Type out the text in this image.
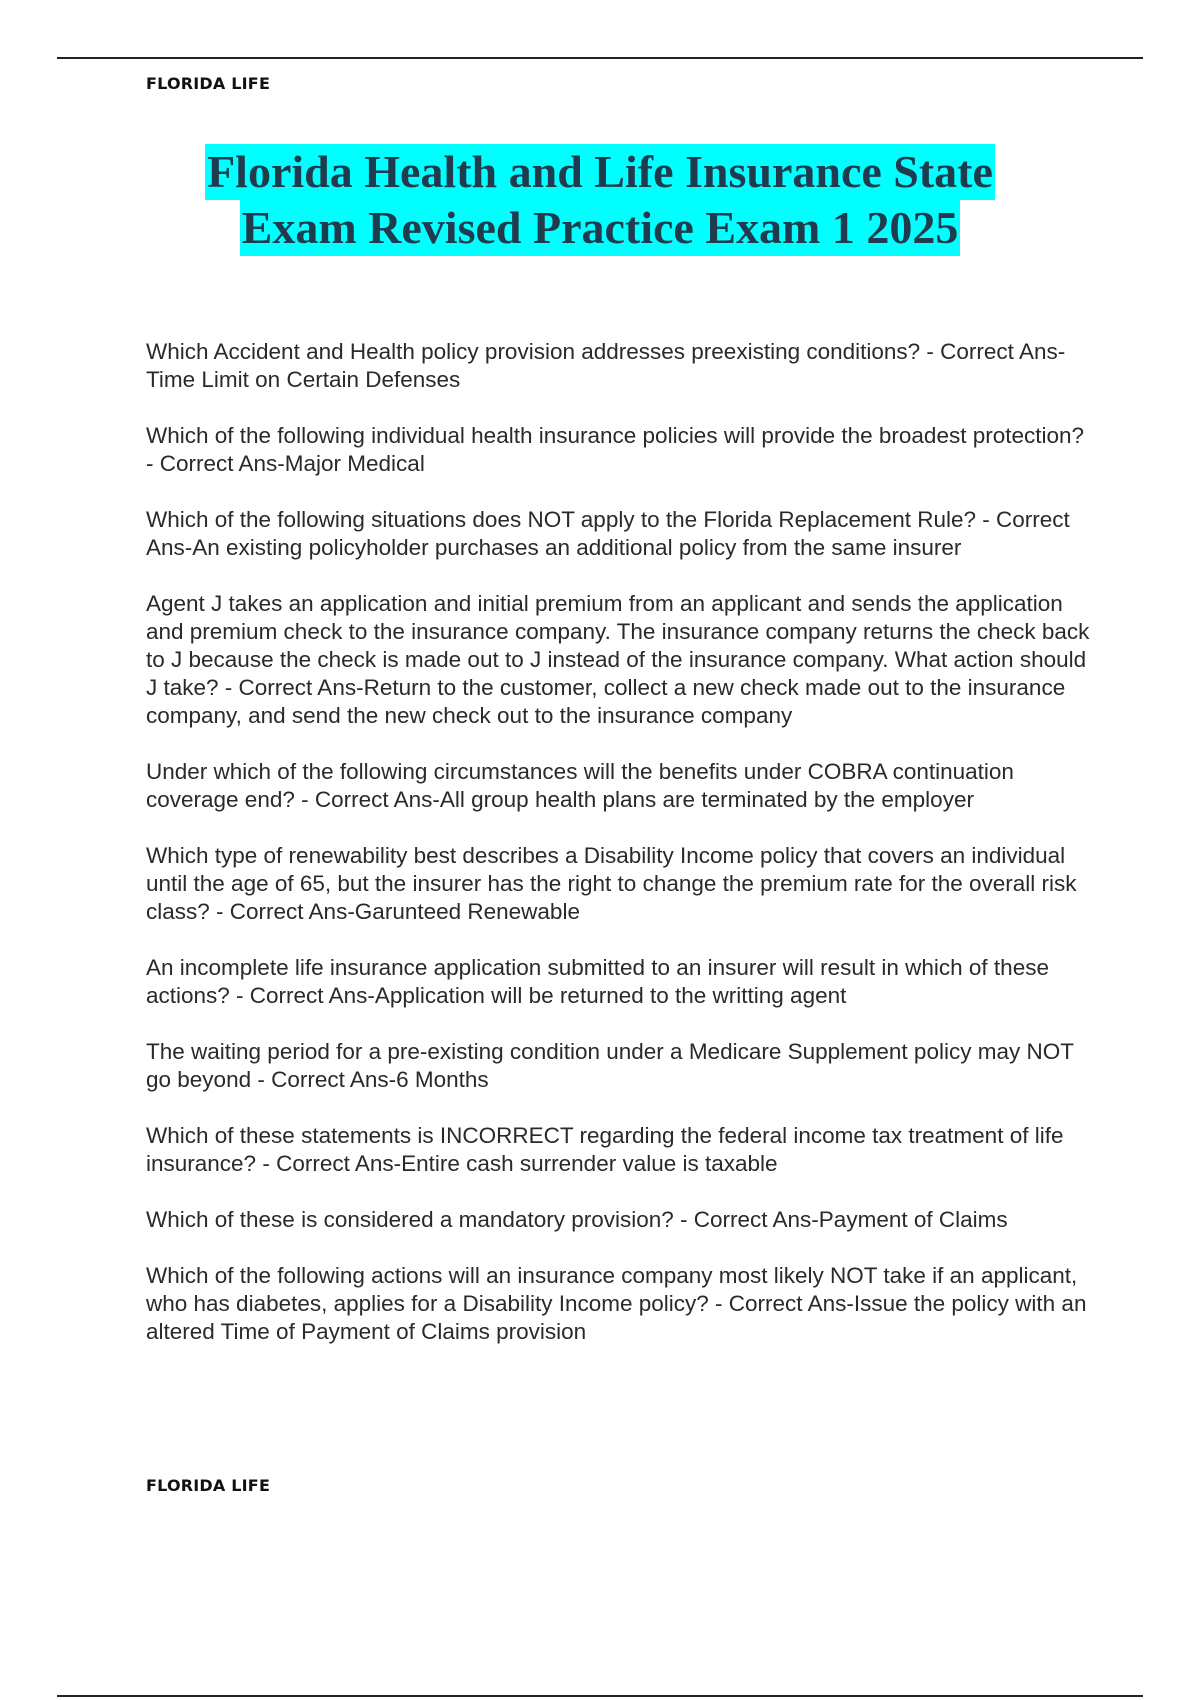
FLORIDA LIFE
Florida Health and Life Insurance State
Exam Revised Practice Exam 1 2025

Which Accident and Health policy provision addresses preexisting conditions? - Correct Ans-Time Limit on Certain Defenses

Which of the following individual health insurance policies will provide the broadest protection? - Correct Ans-Major Medical

Which of the following situations does NOT apply to the Florida Replacement Rule? - Correct Ans-An existing policyholder purchases an additional policy from the same insurer

Agent J takes an application and initial premium from an applicant and sends the application and premium check to the insurance company. The insurance company returns the check back to J because the check is made out to J instead of the insurance company. What action should J take? - Correct Ans-Return to the customer, collect a new check made out to the insurance company, and send the new check out to the insurance company

Under which of the following circumstances will the benefits under COBRA continuation coverage end? - Correct Ans-All group health plans are terminated by the employer

Which type of renewability best describes a Disability Income policy that covers an individual until the age of 65, but the insurer has the right to change the premium rate for the overall risk class? - Correct Ans-Garunteed Renewable

An incomplete life insurance application submitted to an insurer will result in which of these actions? - Correct Ans-Application will be returned to the writting agent

The waiting period for a pre-existing condition under a Medicare Supplement policy may NOT go beyond - Correct Ans-6 Months

Which of these statements is INCORRECT regarding the federal income tax treatment of life insurance? - Correct Ans-Entire cash surrender value is taxable

Which of these is considered a mandatory provision? - Correct Ans-Payment of Claims

Which of the following actions will an insurance company most likely NOT take if an applicant, who has diabetes, applies for a Disability Income policy? - Correct Ans-Issue the policy with an altered Time of Payment of Claims provision

FLORIDA LIFE
